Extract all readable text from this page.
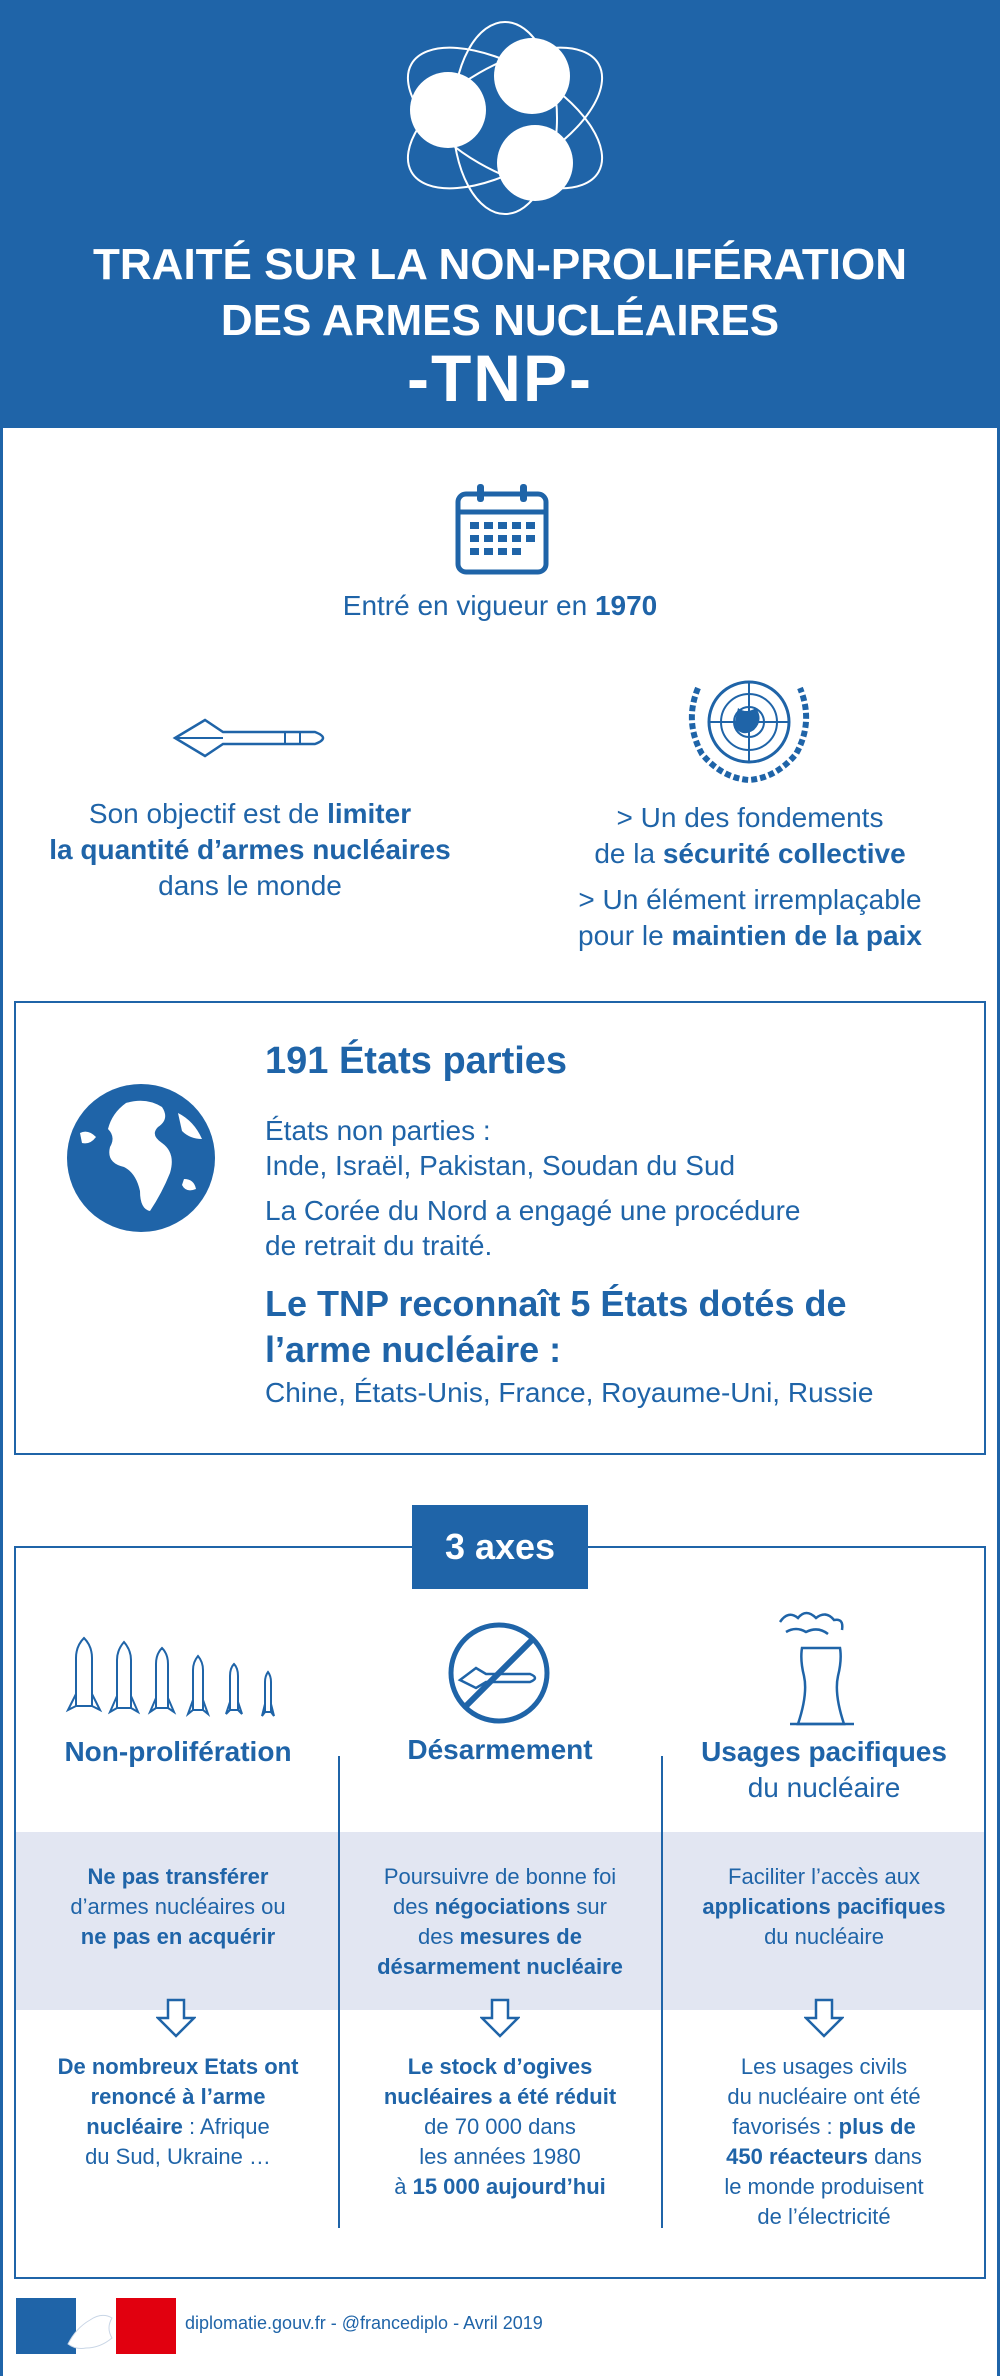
TRAITÉ SUR LA NON-PROLIFÉRATION
DES ARMES NUCLÉAIRES
-TNP-
Entré en vigueur en 1970
Son objectif est de limiter
la quantité d’armes nucléaires
dans le monde
> Un des fondements
de la sécurité collective
> Un élément irremplaçable
pour le maintien de la paix
191 États parties
États non parties :
Inde, Israël, Pakistan, Soudan du Sud
La Corée du Nord a engagé une procédure
de retrait du traité.
Le TNP reconnaît 5 États dotés de
l’arme nucléaire :
Chine, États-Unis, France, Royaume-Uni, Russie
3 axes
Non-prolifération
Ne pas transférer
d’armes nucléaires ou
ne pas en acquérir
De nombreux Etats ont
renoncé à l’arme
nucléaire : Afrique
du Sud, Ukraine …
Désarmement
Poursuivre de bonne foi
des négociations sur
des mesures de
désarmement nucléaire
Le stock d’ogives
nucléaires a été réduit
de 70 000 dans
les années 1980
à 15 000 aujourd’hui
Usages pacifiques
du nucléaire
Faciliter l’accès aux
applications pacifiques
du nucléaire
Les usages civils
du nucléaire ont été
favorisés : plus de
450 réacteurs dans
le monde produisent
de l’électricité
diplomatie.gouv.fr - @francediplo - Avril 2019
